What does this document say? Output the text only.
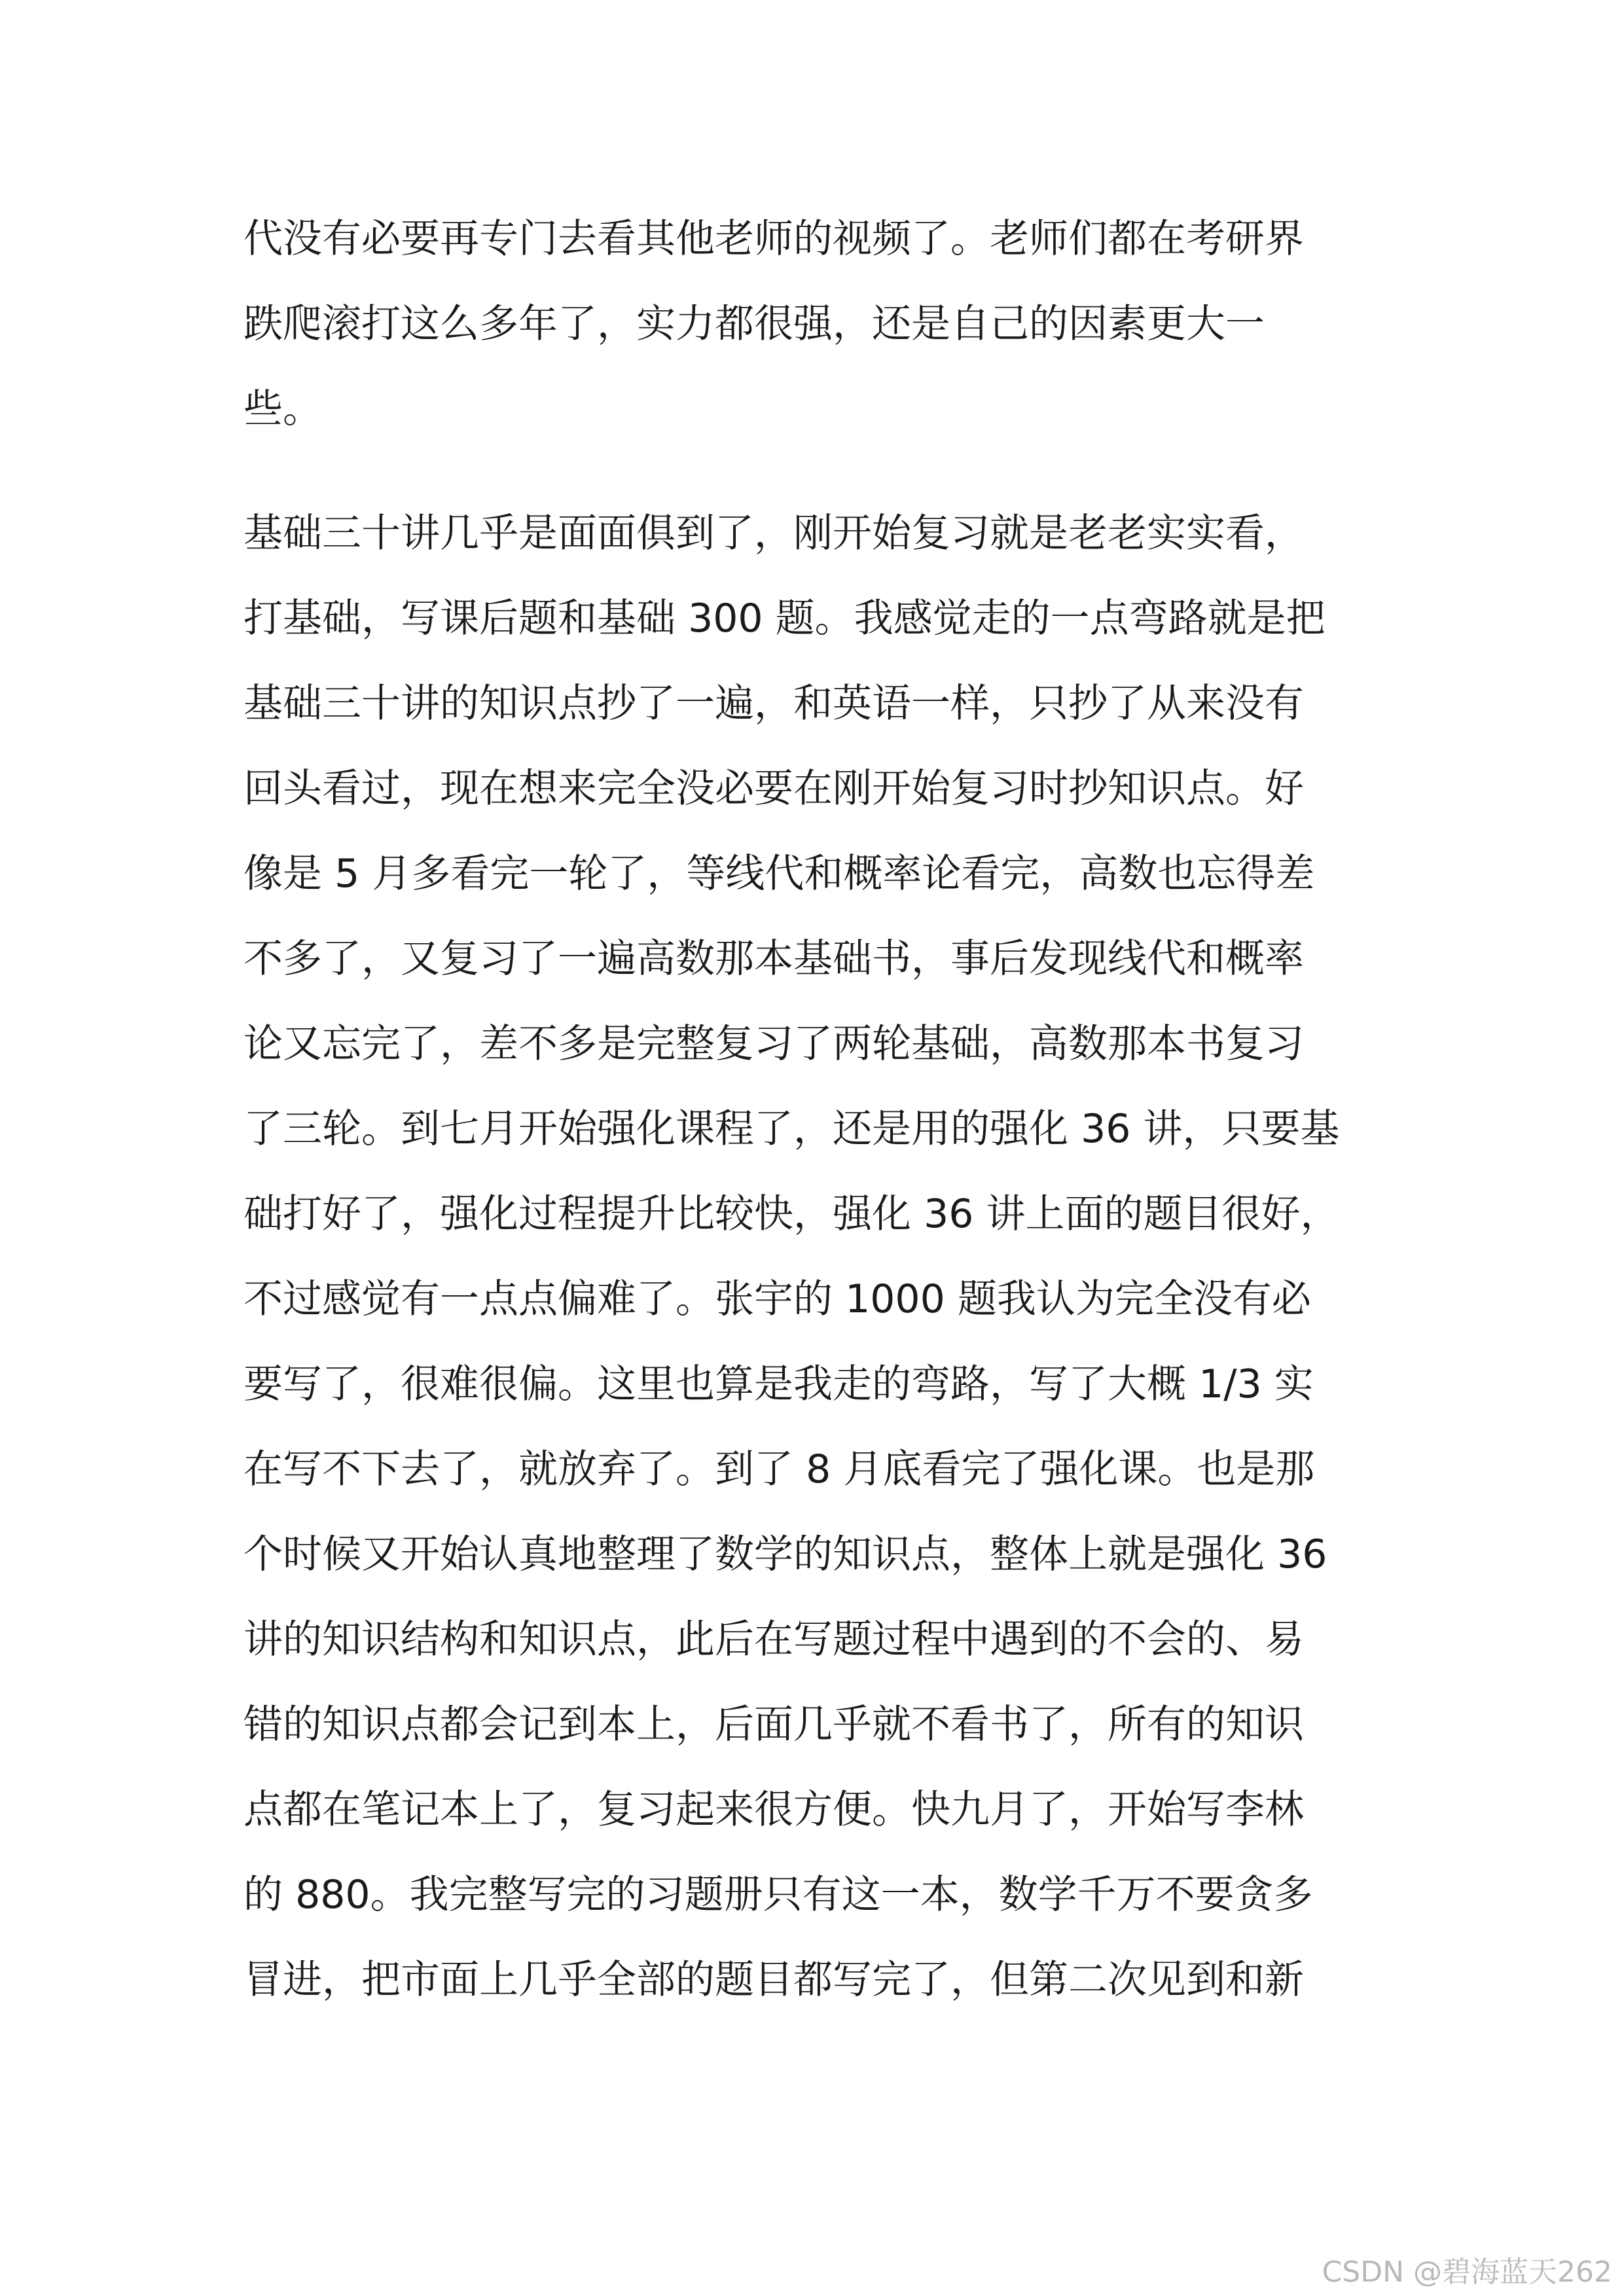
代没有必要再专门去看其他老师的视频了。老师们都在考研界
跌爬滚打这么多年了，实力都很强，还是自己的因素更大一
些。

基础三十讲几乎是面面俱到了，刚开始复习就是老老实实看，
打基础，写课后题和基础 300 题。我感觉走的一点弯路就是把
基础三十讲的知识点抄了一遍，和英语一样，只抄了从来没有
回头看过，现在想来完全没必要在刚开始复习时抄知识点。好
像是 5 月多看完一轮了，等线代和概率论看完，高数也忘得差
不多了，又复习了一遍高数那本基础书，事后发现线代和概率
论又忘完了，差不多是完整复习了两轮基础，高数那本书复习
了三轮。到七月开始强化课程了，还是用的强化 36 讲，只要基
础打好了，强化过程提升比较快，强化 36 讲上面的题目很好，
不过感觉有一点点偏难了。张宇的 1000 题我认为完全没有必
要写了，很难很偏。这里也算是我走的弯路，写了大概 1/3 实
在写不下去了，就放弃了。到了 8 月底看完了强化课。也是那
个时候又开始认真地整理了数学的知识点，整体上就是强化 36
讲的知识结构和知识点，此后在写题过程中遇到的不会的、易
错的知识点都会记到本上，后面几乎就不看书了，所有的知识
点都在笔记本上了，复习起来很方便。快九月了，开始写李林
的 880。我完整写完的习题册只有这一本，数学千万不要贪多
冒进，把市面上几乎全部的题目都写完了，但第二次见到和新

CSDN @碧海蓝天262
